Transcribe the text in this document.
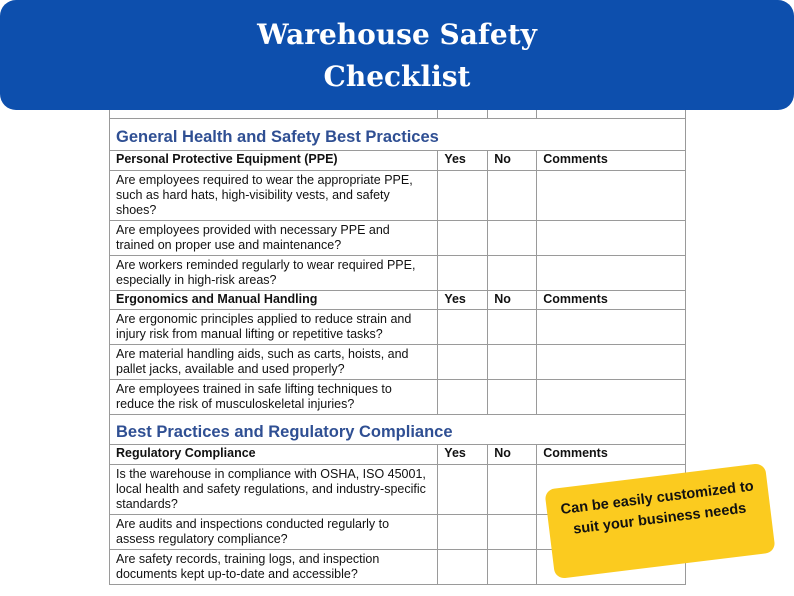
General Health and Safety Best Practices
Personal Protective Equipment (PPE)	Yes	No	Comments
Are employees required to wear the appropriate PPE, such as hard hats, high-visibility vests, and safety shoes?			
Are employees provided with necessary PPE and trained on proper use and maintenance?			
Are workers reminded regularly to wear required PPE, especially in high-risk areas?			
Ergonomics and Manual Handling	Yes	No	Comments
Are ergonomic principles applied to reduce strain and injury risk from manual lifting or repetitive tasks?			
Are material handling aids, such as carts, hoists, and pallet jacks, available and used properly?			
Are employees trained in safe lifting techniques to reduce the risk of musculoskeletal injuries?			
Best Practices and Regulatory Compliance
Regulatory Compliance	Yes	No	Comments
Is the warehouse in compliance with OSHA, ISO 45001, local health and safety regulations, and industry-specific standards?			
Are audits and inspections conducted regularly to assess regulatory compliance?			
Are safety records, training logs, and inspection documents kept up-to-date and accessible?			
Warehouse Safety
Checklist
Can be easily customized to suit your business needs
